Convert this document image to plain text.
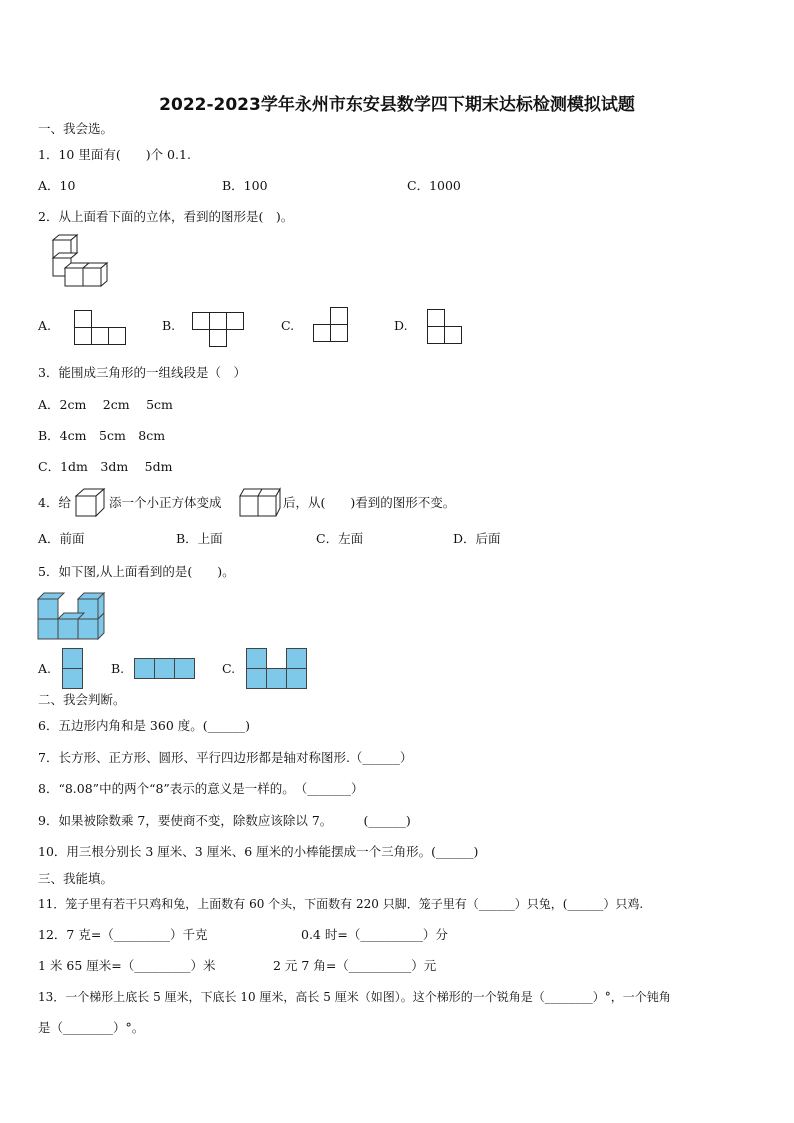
2022-2023学年永州市东安县数学四下期末达标检测模拟试题
一、我会选。
1．10 里面有(　　)个 0.1.
A．10	B．100	C．1000
2．从上面看下面的立体，看到的图形是(　)。
A.	B.	C.	D.
3．能围成三角形的一组线段是（　）
A．2cm　 2cm　 5cm
B．4cm　5cm　8cm
C．1dm　3dm　 5dm
4．给	添一个小正方体变成	后，从(　　)看到的图形不变。
A．前面	B．上面	C．左面	D．后面
5．如下图,从上面看到的是(　　)。
A.	B.	C.
二、我会判断。
6．五边形内角和是 360 度。(______)
7．长方形、正方形、圆形、平行四边形都是轴对称图形.（______）
8．“8.08”中的两个“8”表示的意义是一样的。　（_______）
9．如果被除数乘 7，要使商不变，除数应该除以 7。　　　(______)
10．用三根分别长 3 厘米、3 厘米、6 厘米的小棒能摆成一个三角形。(______)
三、我能填。
11．笼子里有若干只鸡和兔，上面数有 60 个头，下面数有 220 只脚．笼子里有（______）只兔，(______）只鸡.
12．7 克=（_________）千克	0.4 时=（__________）分
1 米 65 厘米=（_________）米	2 元 7 角=（__________）元
13．一个梯形上底长 5 厘米，下底长 10 厘米，高长 5 厘米（如图）。这个梯形的一个锐角是（________）°，一个钝角
是（________）°。
